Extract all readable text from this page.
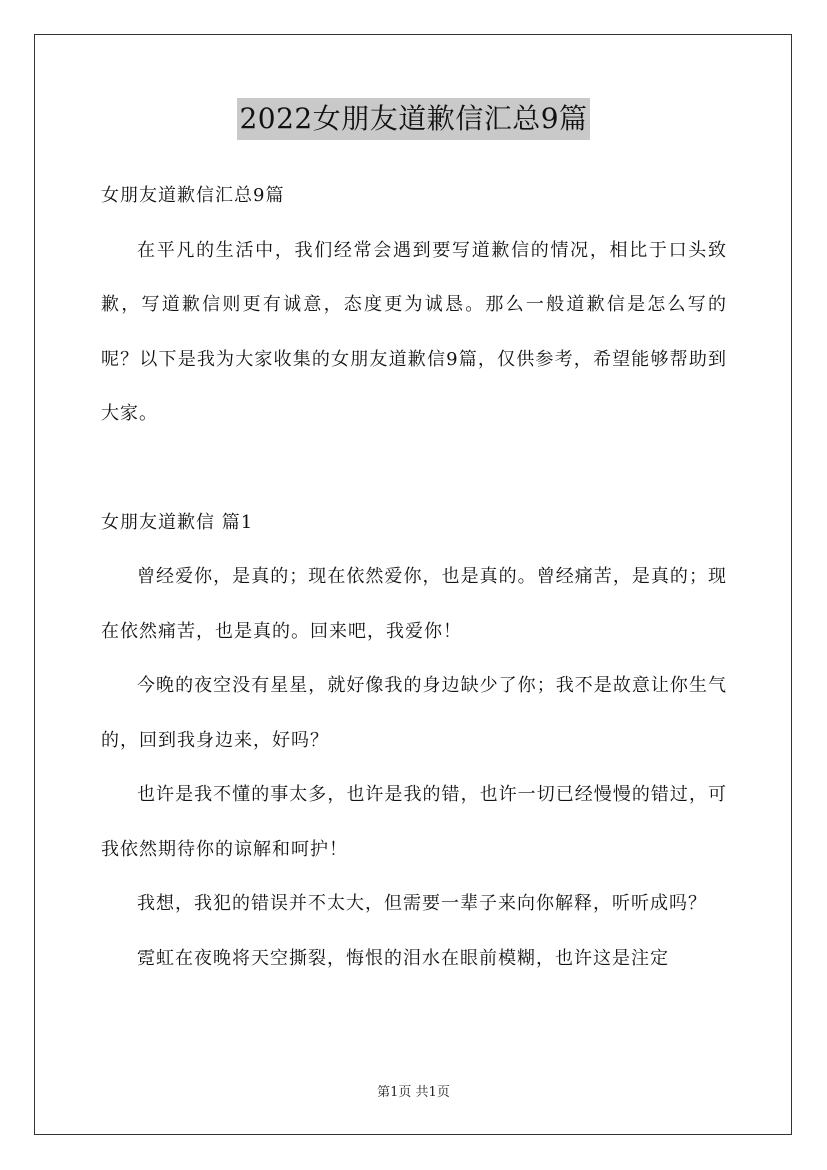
2022女朋友道歉信汇总9篇

女朋友道歉信汇总9篇

在平凡的生活中，我们经常会遇到要写道歉信的情况，相比于口头致歉，写道歉信则更有诚意，态度更为诚恳。那么一般道歉信是怎么写的呢？以下是我为大家收集的女朋友道歉信9篇，仅供参考，希望能够帮助到大家。

女朋友道歉信 篇1

曾经爱你，是真的；现在依然爱你，也是真的。曾经痛苦，是真的；现在依然痛苦，也是真的。回来吧，我爱你！

今晚的夜空没有星星，就好像我的身边缺少了你；我不是故意让你生气的，回到我身边来，好吗？

也许是我不懂的事太多，也许是我的错，也许一切已经慢慢的错过，可我依然期待你的谅解和呵护！

我想，我犯的错误并不太大，但需要一辈子来向你解释，听听成吗？

霓虹在夜晚将天空撕裂，悔恨的泪水在眼前模糊，也许这是注定

第1页 共1页
